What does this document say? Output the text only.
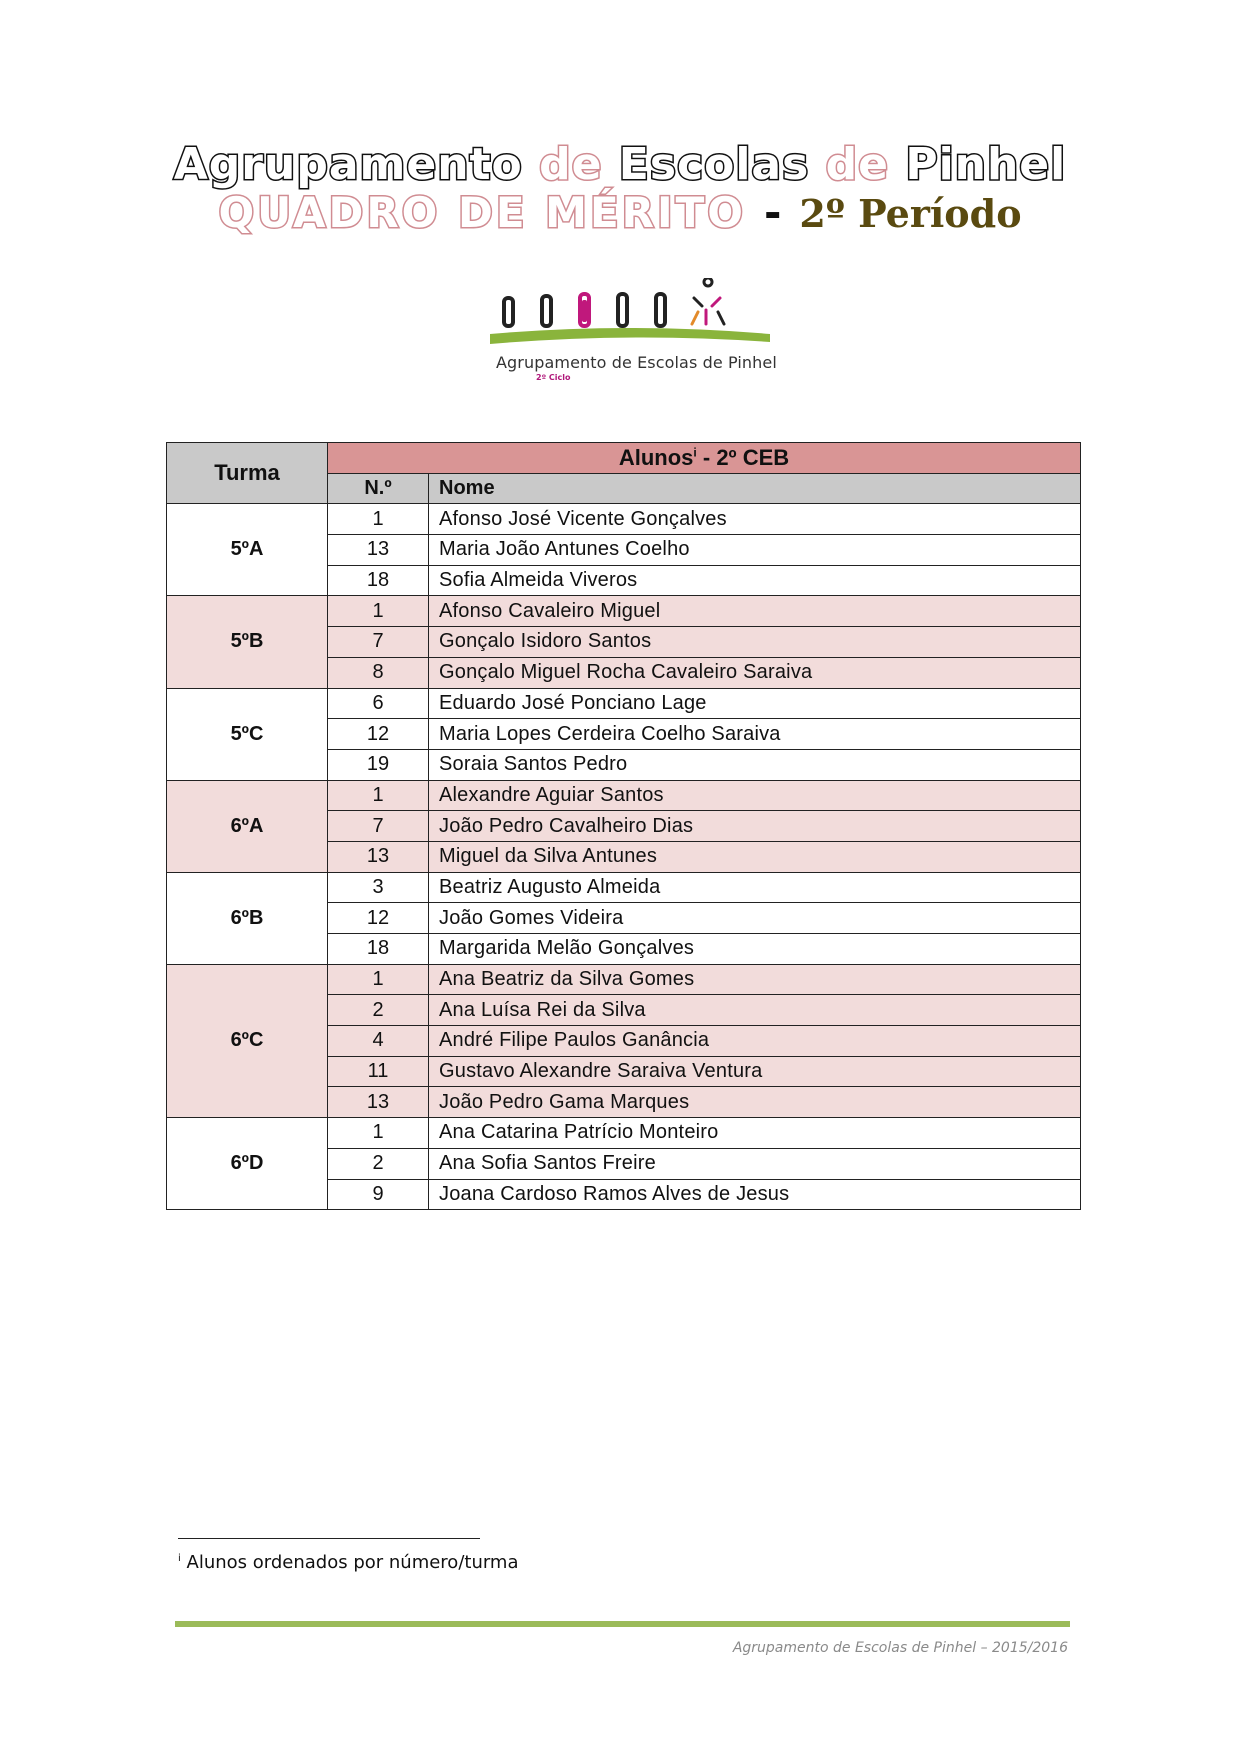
Agrupamento de Escolas de Pinhel
QUADRO DE MÉRITO - 2º Período
Agrupamento de Escolas de Pinhel
2º Ciclo
Turma	Alunos$^i$ - 2º CEB	
	N.º	Nome
5ºA	1	Afonso José Vicente Gonçalves
	13	Maria João Antunes Coelho
	18	Sofia Almeida Viveros
5ºB	1	Afonso Cavaleiro Miguel
	7	Gonçalo Isidoro Santos
	8	Gonçalo Miguel Rocha Cavaleiro Saraiva
5ºC	6	Eduardo José Ponciano Lage
	12	Maria Lopes Cerdeira Coelho Saraiva
	19	Soraia Santos Pedro
6ºA	1	Alexandre Aguiar Santos
	7	João Pedro Cavalheiro Dias
	13	Miguel da Silva Antunes
6ºB	3	Beatriz Augusto Almeida
	12	João Gomes Videira
	18	Margarida Melão Gonçalves
6ºC	1	Ana Beatriz da Silva Gomes
	2	Ana Luísa Rei da Silva
	4	André Filipe Paulos Ganância
	11	Gustavo Alexandre Saraiva Ventura
	13	João Pedro Gama Marques
6ºD	1	Ana Catarina Patrício Monteiro
	2	Ana Sofia Santos Freire
	9	Joana Cardoso Ramos Alves de Jesus
$^i$ Alunos ordenados por número/turma
Agrupamento de Escolas de Pinhel – 2015/2016
